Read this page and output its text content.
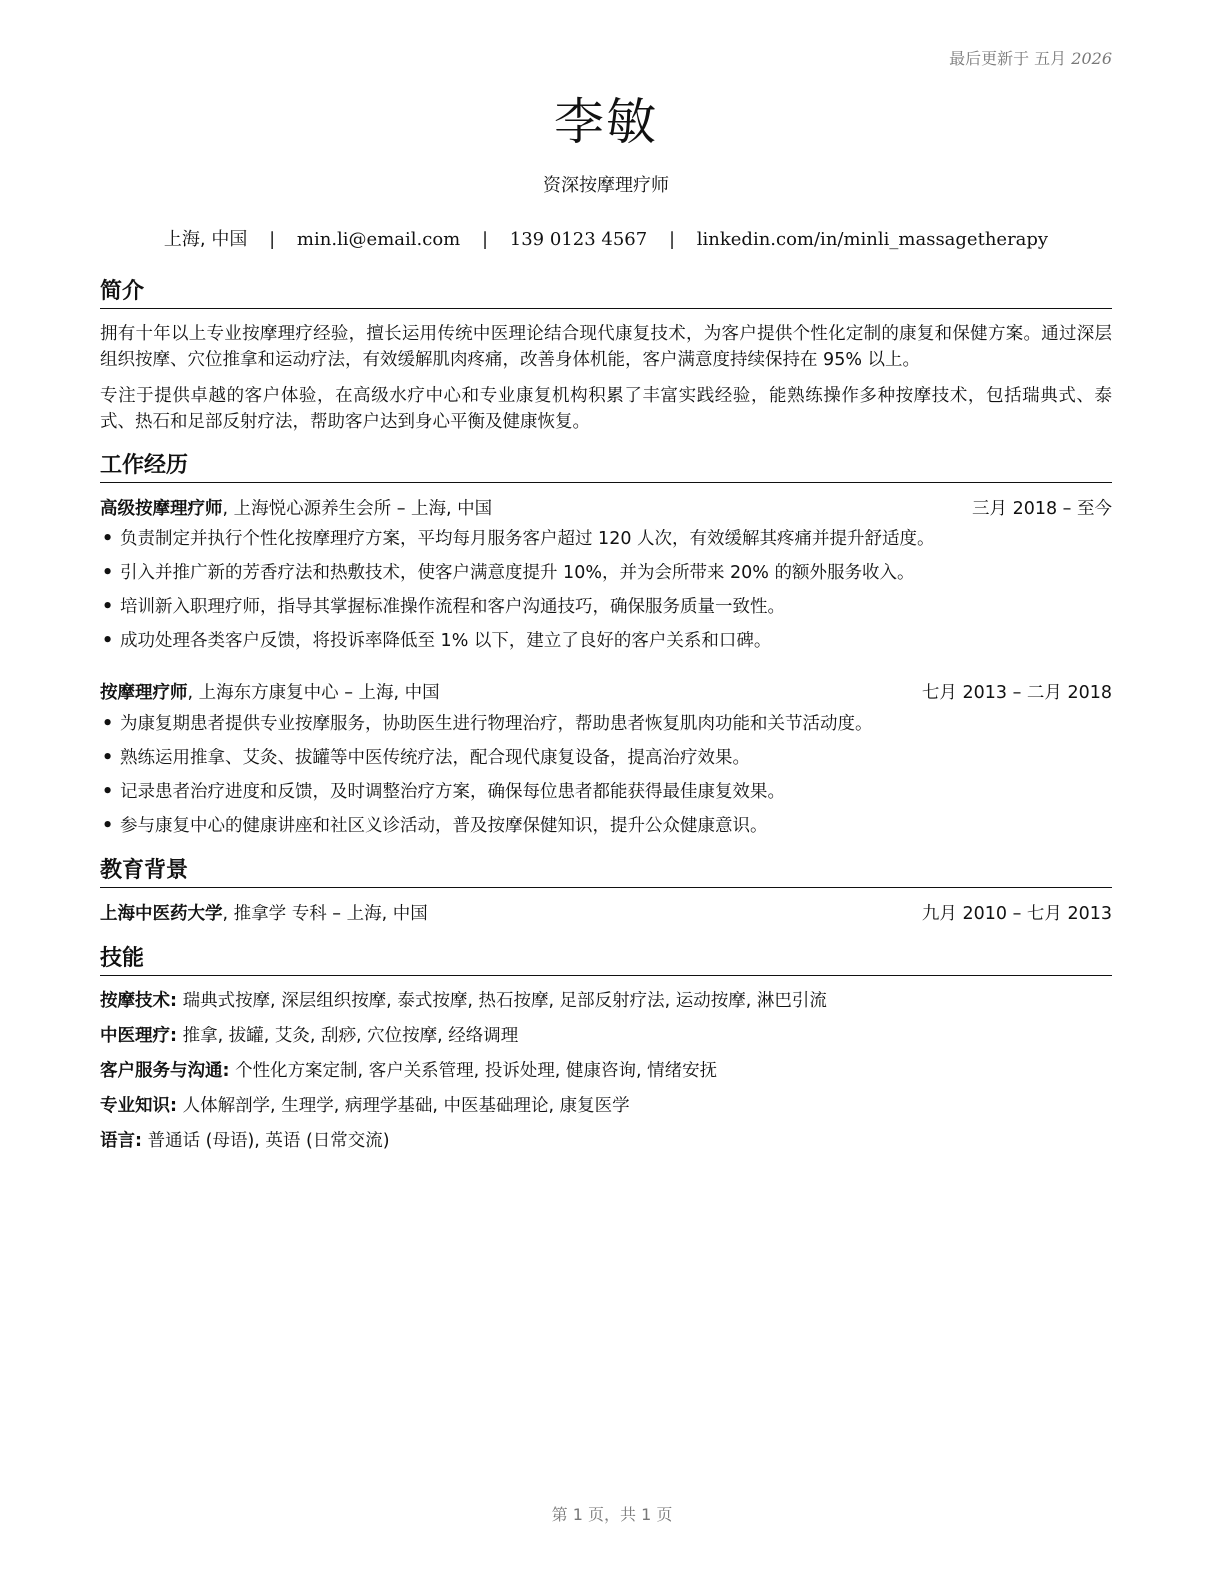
最后更新于 五月 2026
李敏
资深按摩理疗师
上海, 中国 | min.li@email.com | 139 0123 4567 | linkedin.com/in/minli_massagetherapy
简介
拥有十年以上专业按摩理疗经验，擅长运用传统中医理论结合现代康复技术，为客户提供个性化定制的康复和保健方案。通过深层组织按摩、穴位推拿和运动疗法，有效缓解肌肉疼痛，改善身体机能，客户满意度持续保持在 95% 以上。
专注于提供卓越的客户体验，在高级水疗中心和专业康复机构积累了丰富实践经验，能熟练操作多种按摩技术，包括瑞典式、泰式、热石和足部反射疗法，帮助客户达到身心平衡及健康恢复。
工作经历
高级按摩理疗师, 上海悦心源养生会所 – 上海, 中国	三月 2018 – 至今
• 负责制定并执行个性化按摩理疗方案，平均每月服务客户超过 120 人次，有效缓解其疼痛并提升舒适度。
• 引入并推广新的芳香疗法和热敷技术，使客户满意度提升 10%，并为会所带来 20% 的额外服务收入。
• 培训新入职理疗师，指导其掌握标准操作流程和客户沟通技巧，确保服务质量一致性。
• 成功处理各类客户反馈，将投诉率降低至 1% 以下，建立了良好的客户关系和口碑。
按摩理疗师, 上海东方康复中心 – 上海, 中国	七月 2013 – 二月 2018
• 为康复期患者提供专业按摩服务，协助医生进行物理治疗，帮助患者恢复肌肉功能和关节活动度。
• 熟练运用推拿、艾灸、拔罐等中医传统疗法，配合现代康复设备，提高治疗效果。
• 记录患者治疗进度和反馈，及时调整治疗方案，确保每位患者都能获得最佳康复效果。
• 参与康复中心的健康讲座和社区义诊活动，普及按摩保健知识，提升公众健康意识。
教育背景
上海中医药大学, 推拿学 专科 – 上海, 中国	九月 2010 – 七月 2013
技能
按摩技术: 瑞典式按摩, 深层组织按摩, 泰式按摩, 热石按摩, 足部反射疗法, 运动按摩, 淋巴引流
中医理疗: 推拿, 拔罐, 艾灸, 刮痧, 穴位按摩, 经络调理
客户服务与沟通: 个性化方案定制, 客户关系管理, 投诉处理, 健康咨询, 情绪安抚
专业知识: 人体解剖学, 生理学, 病理学基础, 中医基础理论, 康复医学
语言: 普通话 (母语), 英语 (日常交流)
第 1 页，共 1 页
